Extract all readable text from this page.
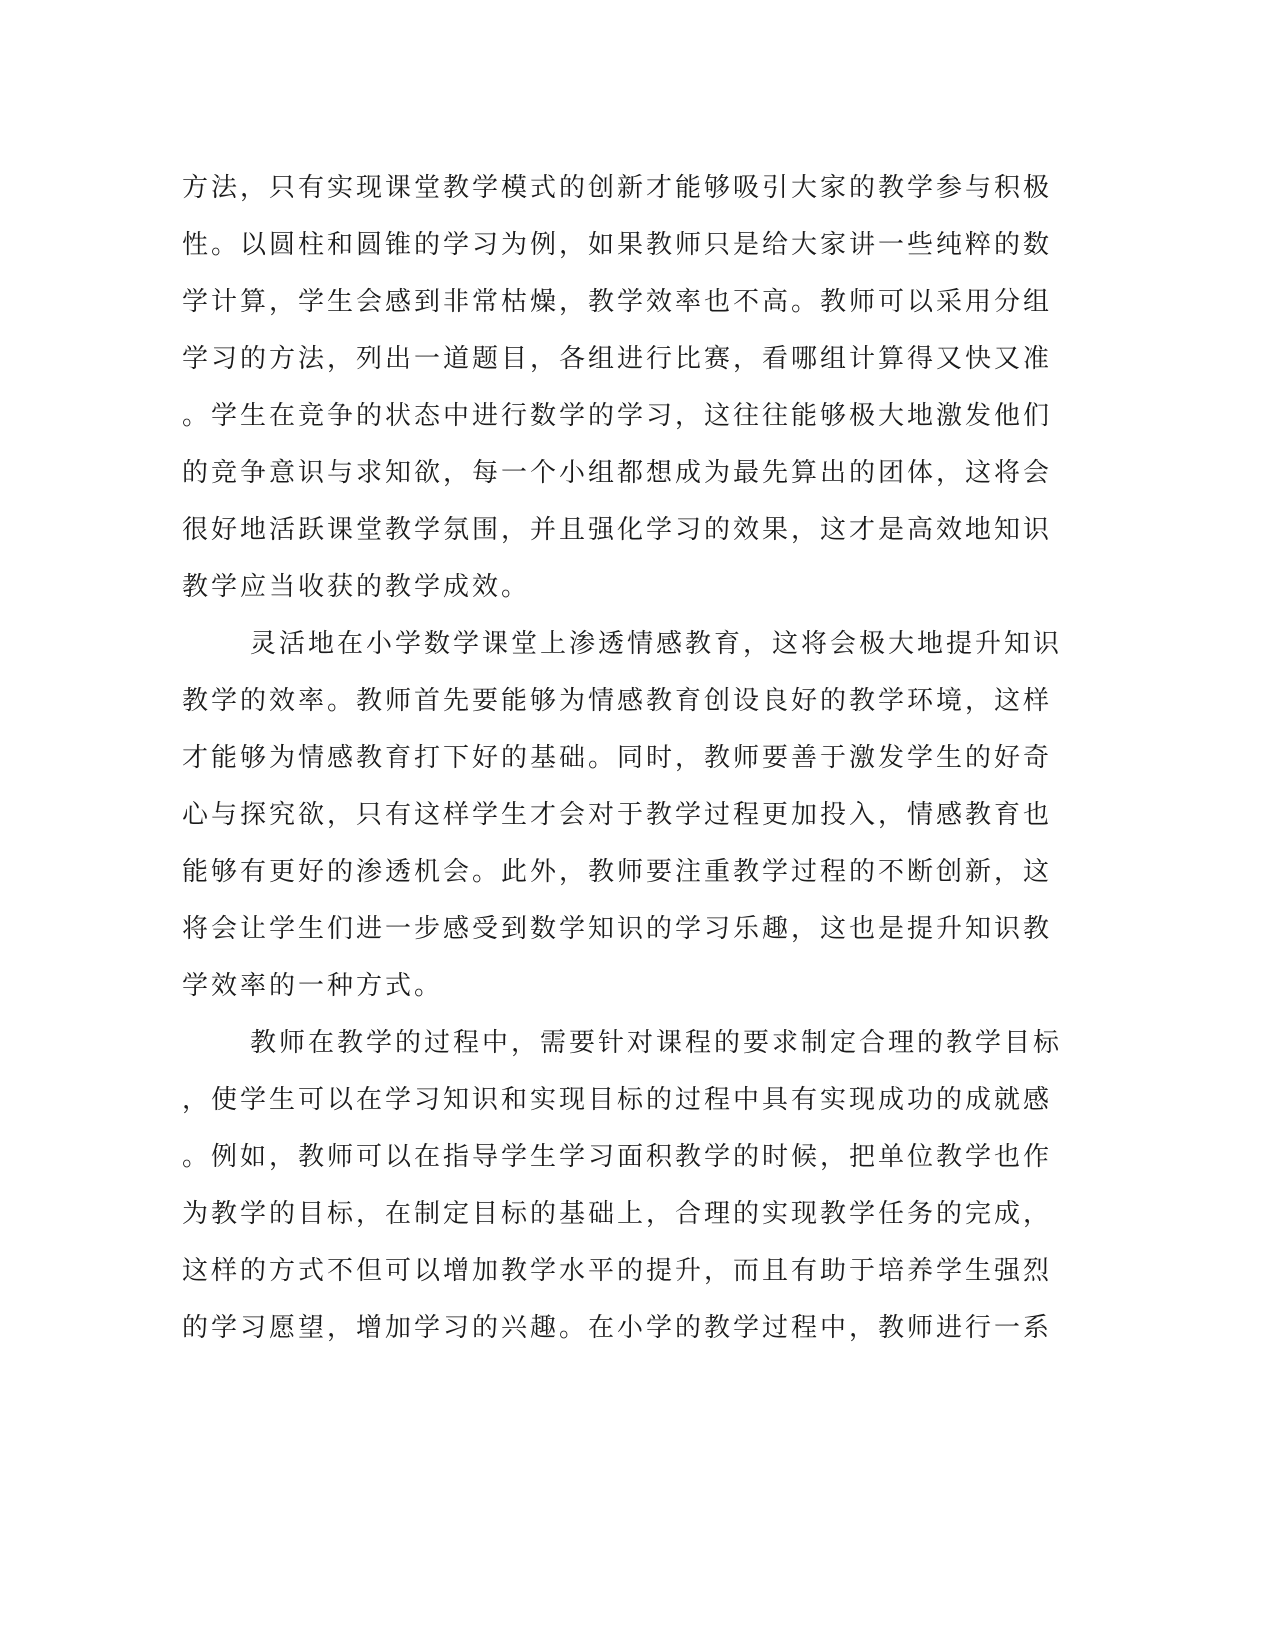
方法，只有实现课堂教学模式的创新才能够吸引大家的教学参与积极
性。以圆柱和圆锥的学习为例，如果教师只是给大家讲一些纯粹的数
学计算，学生会感到非常枯燥，教学效率也不高。教师可以采用分组
学习的方法，列出一道题目，各组进行比赛，看哪组计算得又快又准
。学生在竞争的状态中进行数学的学习，这往往能够极大地激发他们
的竞争意识与求知欲，每一个小组都想成为最先算出的团体，这将会
很好地活跃课堂教学氛围，并且强化学习的效果，这才是高效地知识
教学应当收获的教学成效。
灵活地在小学数学课堂上渗透情感教育，这将会极大地提升知识
教学的效率。教师首先要能够为情感教育创设良好的教学环境，这样
才能够为情感教育打下好的基础。同时，教师要善于激发学生的好奇
心与探究欲，只有这样学生才会对于教学过程更加投入，情感教育也
能够有更好的渗透机会。此外，教师要注重教学过程的不断创新，这
将会让学生们进一步感受到数学知识的学习乐趣，这也是提升知识教
学效率的一种方式。
教师在教学的过程中，需要针对课程的要求制定合理的教学目标
，使学生可以在学习知识和实现目标的过程中具有实现成功的成就感
。例如，教师可以在指导学生学习面积教学的时候，把单位教学也作
为教学的目标，在制定目标的基础上，合理的实现教学任务的完成，
这样的方式不但可以增加教学水平的提升，而且有助于培养学生强烈
的学习愿望，增加学习的兴趣。在小学的教学过程中，教师进行一系
